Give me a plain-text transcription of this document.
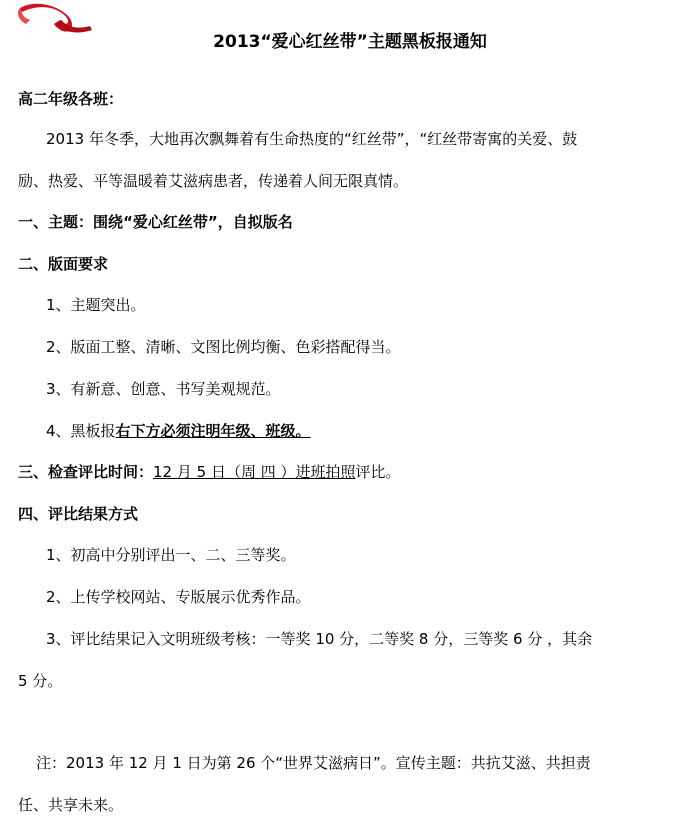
2013“爱心红丝带”主题黑板报通知
高二年级各班：
2013 年冬季，大地再次飘舞着有生命热度的“红丝带”，“红丝带寄寓的关爱、鼓
励、热爱、平等温暖着艾滋病患者，传递着人间无限真情。
一、主题：围绕“爱心红丝带”，自拟版名
二、版面要求
1、主题突出。
2、版面工整、清晰、文图比例均衡、色彩搭配得当。
3、有新意、创意、书写美观规范。
4、黑板报右下方必须注明年级、班级。
三、检查评比时间：12 月 5 日（周 四 ）进班拍照评比。
四、评比结果方式
1、初高中分别评出一、二、三等奖。
2、上传学校网站、专版展示优秀作品。
3、评比结果记入文明班级考核：一等奖 10 分，二等奖 8 分，三等奖 6 分 ，其余
5 分。
注：2013 年 12 月 1 日为第 26 个“世界艾滋病日”。宣传主题：共抗艾滋、共担责
任、共享未来。
